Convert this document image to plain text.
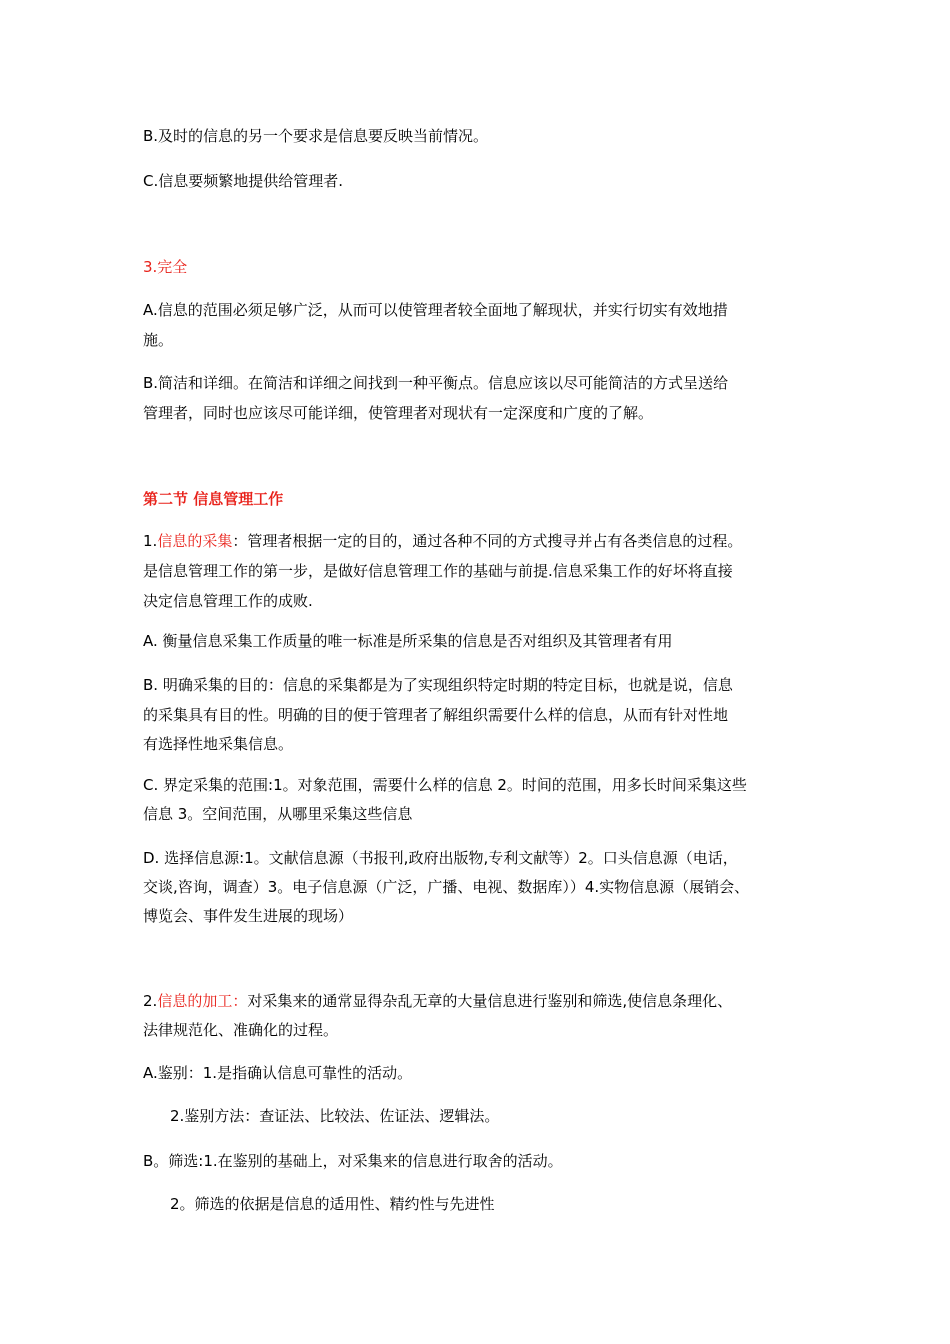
B.及时的信息的另一个要求是信息要反映当前情况。

C.信息要频繁地提供给管理者.

3.完全

A.信息的范围必须足够广泛，从而可以使管理者较全面地了解现状，并实行切实有效地措

施。

B.简洁和详细。在简洁和详细之间找到一种平衡点。信息应该以尽可能简洁的方式呈送给

管理者，同时也应该尽可能详细，使管理者对现状有一定深度和广度的了解。

第二节 信息管理工作

1.信息的采集：管理者根据一定的目的，通过各种不同的方式搜寻并占有各类信息的过程。

是信息管理工作的第一步，是做好信息管理工作的基础与前提.信息采集工作的好坏将直接

决定信息管理工作的成败.

A. 衡量信息采集工作质量的唯一标准是所采集的信息是否对组织及其管理者有用

B. 明确采集的目的：信息的采集都是为了实现组织特定时期的特定目标，也就是说，信息

的采集具有目的性。明确的目的便于管理者了解组织需要什么样的信息，从而有针对性地

有选择性地采集信息。

C. 界定采集的范围:1。对象范围，需要什么样的信息 2。时间的范围，用多长时间采集这些

信息 3。空间范围，从哪里采集这些信息

D. 选择信息源:1。文献信息源（书报刊,政府出版物,专利文献等）2。口头信息源（电话，

交谈,咨询，调查）3。电子信息源（广泛，广播、电视、数据库））4.实物信息源（展销会、

博览会、事件发生进展的现场）

2.信息的加工：对采集来的通常显得杂乱无章的大量信息进行鉴别和筛选,使信息条理化、

法律规范化、准确化的过程。

A.鉴别：1.是指确认信息可靠性的活动。

2.鉴别方法：查证法、比较法、佐证法、逻辑法。

B。筛选:1.在鉴别的基础上，对采集来的信息进行取舍的活动。

2。筛选的依据是信息的适用性、精约性与先进性
